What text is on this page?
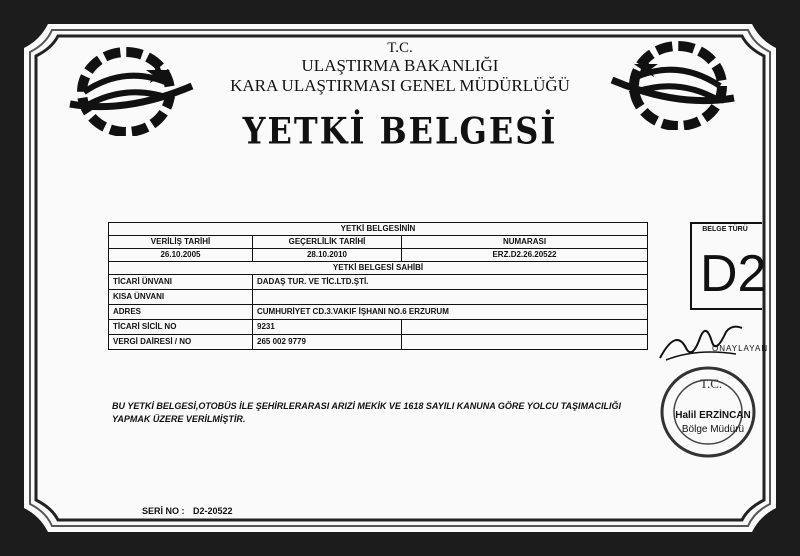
T.C.
ULAŞTIRMA BAKANLIĞI
KARA ULAŞTIRMASI GENEL MÜDÜRLÜĞÜ
YETKİ BELGESİ
YETKİ BELGESİNİN		
VERİLİŞ TARİHİ	GEÇERLİLİK TARİHİ	NUMARASI
26.10.2005	28.10.2010	ERZ.D2.26.20522
YETKİ BELGESİ SAHİBİ		
TİCARİ ÜNVANI	DADAŞ TUR. VE TİC.LTD.ŞTİ.	
KISA ÜNVANI		
ADRES	CUMHURİYET CD.3.VAKIF İŞHANI NO.6 ERZURUM	
TİCARİ SİCİL NO	9231	
VERGİ DAİRESİ / NO	265 002 9779	
BELGE TÜRÜ
D2
BU YETKİ BELGESİ,OTOBÜS İLE ŞEHİRLERARASI ARIZİ MEKİK VE 1618 SAYILI KANUNA GÖRE YOLCU TAŞIMACILIĞI YAPMAK ÜZERE VERİLMİŞTİR.
ONAYLAYAN
T.C.
Halil ERZİNCAN
Bölge Müdürü
SERİ NO : D2-20522
